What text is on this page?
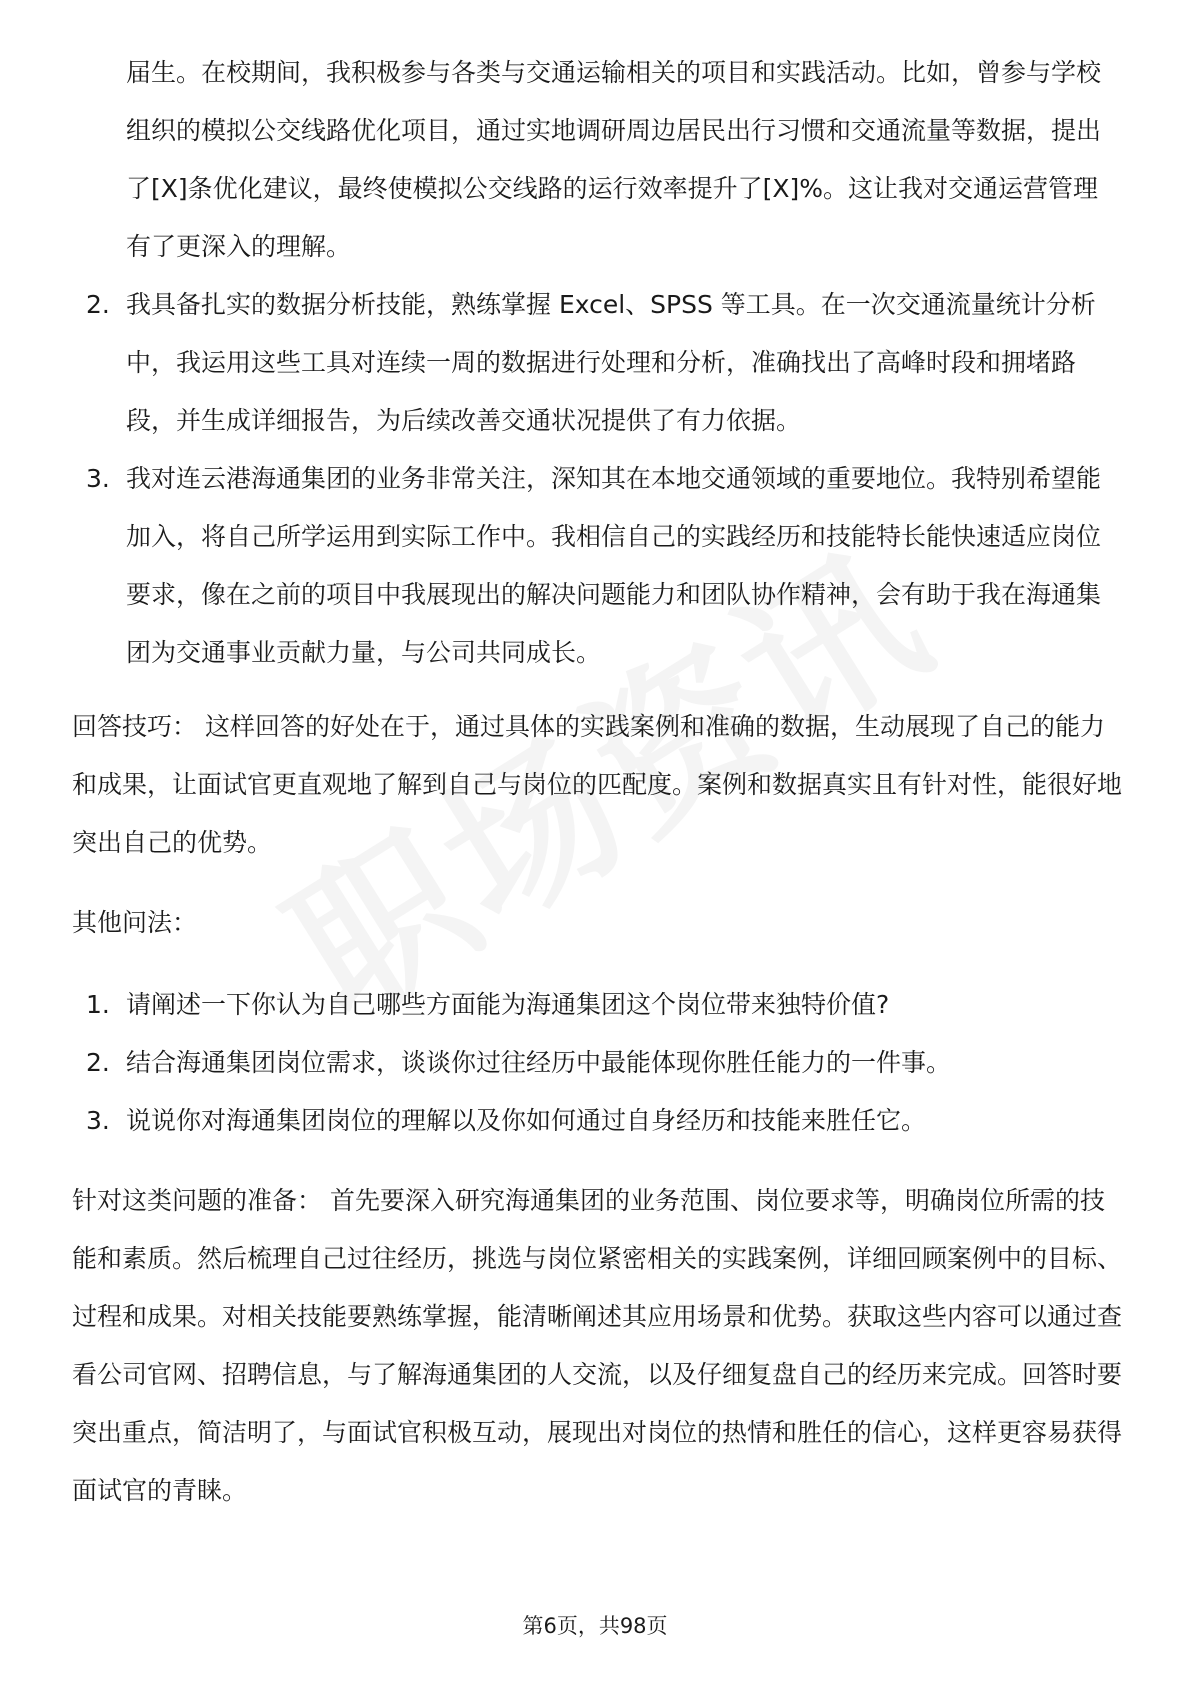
届生。在校期间，我积极参与各类与交通运输相关的项目和实践活动。比如，曾参与学校组织的模拟公交线路优化项目，通过实地调研周边居民出行习惯和交通流量等数据，提出了[X]条优化建议，最终使模拟公交线路的运行效率提升了[X]%。这让我对交通运营管理有了更深入的理解。

2. 我具备扎实的数据分析技能，熟练掌握 Excel、SPSS 等工具。在一次交通流量统计分析中，我运用这些工具对连续一周的数据进行处理和分析，准确找出了高峰时段和拥堵路段，并生成详细报告，为后续改善交通状况提供了有力依据。
3. 我对连云港海通集团的业务非常关注，深知其在本地交通领域的重要地位。我特别希望能加入，将自己所学运用到实际工作中。我相信自己的实践经历和技能特长能快速适应岗位要求，像在之前的项目中我展现出的解决问题能力和团队协作精神，会有助于我在海通集团为交通事业贡献力量，与公司共同成长。

回答技巧： 这样回答的好处在于，通过具体的实践案例和准确的数据，生动展现了自己的能力和成果，让面试官更直观地了解到自己与岗位的匹配度。案例和数据真实且有针对性，能很好地突出自己的优势。

其他问法：

1. 请阐述一下你认为自己哪些方面能为海通集团这个岗位带来独特价值?
2. 结合海通集团岗位需求，谈谈你过往经历中最能体现你胜任能力的一件事。
3. 说说你对海通集团岗位的理解以及你如何通过自身经历和技能来胜任它。

针对这类问题的准备： 首先要深入研究海通集团的业务范围、岗位要求等，明确岗位所需的技能和素质。然后梳理自己过往经历，挑选与岗位紧密相关的实践案例，详细回顾案例中的目标、过程和成果。对相关技能要熟练掌握，能清晰阐述其应用场景和优势。获取这些内容可以通过查看公司官网、招聘信息，与了解海通集团的人交流，以及仔细复盘自己的经历来完成。回答时要突出重点，简洁明了，与面试官积极互动，展现出对岗位的热情和胜任的信心，这样更容易获得面试官的青睐。

第6页，共98页
